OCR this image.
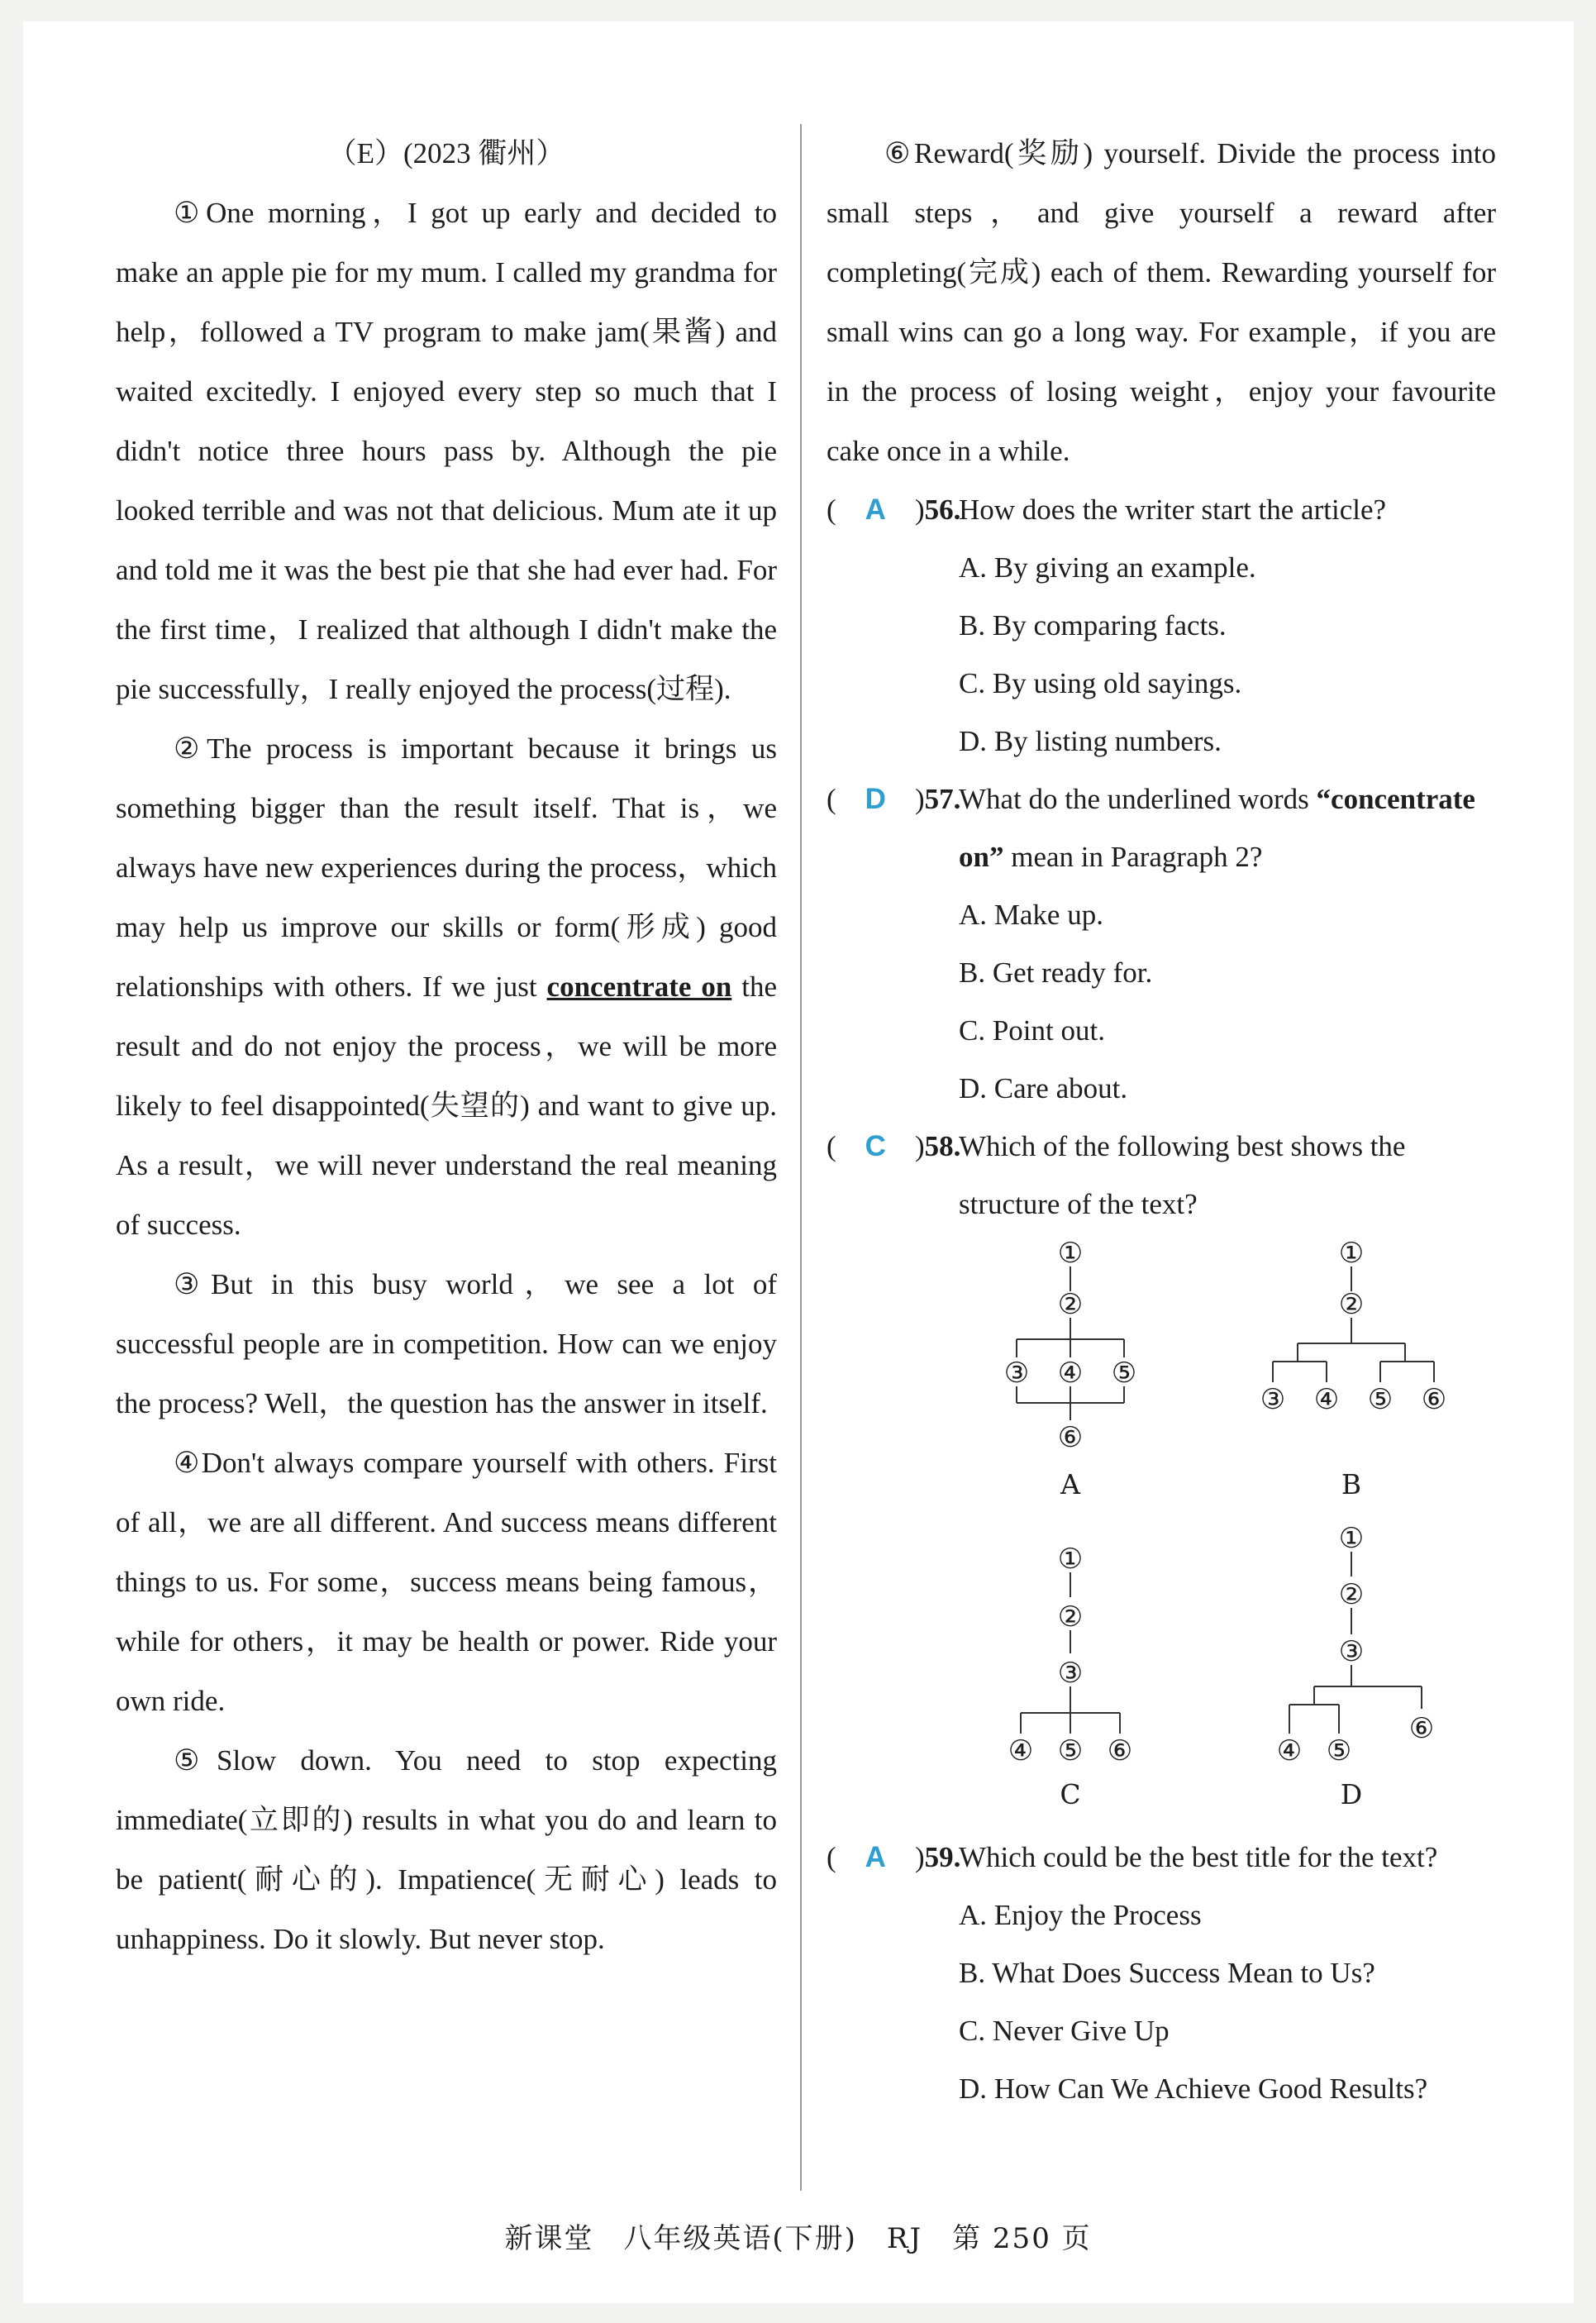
（E）(2023 衢州）

①One morning，I got up early and decided to make an apple pie for my mum. I called my grandma for help，followed a TV program to make jam(果酱) and waited excitedly. I enjoyed every step so much that I didn't notice three hours pass by. Although the pie looked terrible and was not that delicious. Mum ate it up and told me it was the best pie that she had ever had. For the first time，I realized that although I didn't make the pie successfully，I really enjoyed the process(过程).

②The process is important because it brings us something bigger than the result itself. That is，we always have new experiences during the process，which may help us improve our skills or form(形成) good relationships with others. If we just concentrate on the result and do not enjoy the process，we will be more likely to feel disappointed(失望的) and want to give up. As a result，we will never understand the real meaning of success.

③But in this busy world，we see a lot of successful people are in competition. How can we enjoy the process? Well，the question has the answer in itself.

④Don't always compare yourself with others. First of all，we are all different. And success means different things to us. For some，success means being famous，while for others，it may be health or power. Ride your own ride.

⑤Slow down. You need to stop expecting immediate(立即的) results in what you do and learn to be patient(耐心的). Impatience(无耐心) leads to unhappiness. Do it slowly. But never stop.

⑥Reward(奖励) yourself. Divide the process into small steps，and give yourself a reward after completing(完成) each of them. Rewarding yourself for small wins can go a long way. For example，if you are in the process of losing weight，enjoy your favourite cake once in a while.

(　A　)56.
How does the writer start the article?
A. By giving an example.
B. By comparing facts.
C. By using old sayings.
D. By listing numbers.
(　D　)57.
What do the underlined words “concentrate on” mean in Paragraph 2?
A. Make up.
B. Get ready for.
C. Point out.
D. Care about.
(　C　)58.
Which of the following best shows the structure of the text?
①
②
③ ④ ⑤
⑥
A
①
②
③ ④ ⑤ ⑥
B
①
②
③
④ ⑤ ⑥
C
①
②
③
④ ⑤
⑥
D
(　A　)59.
Which could be the best title for the text?
A. Enjoy the Process
B. What Does Success Mean to Us?
C. Never Give Up
D. How Can We Achieve Good Results?
新课堂　八年级英语(下册)　RJ　第 250 页
